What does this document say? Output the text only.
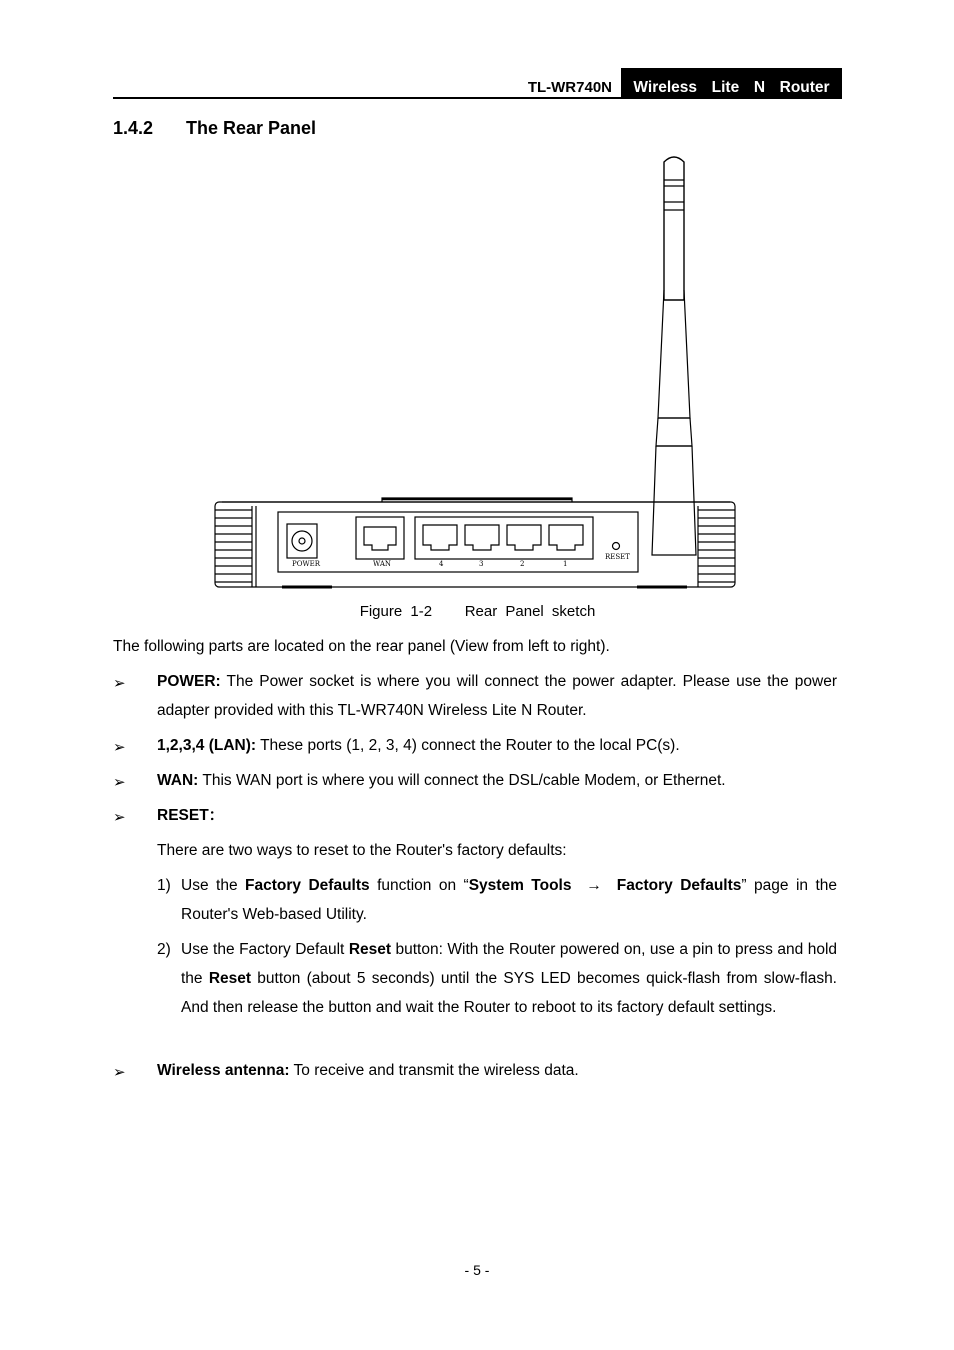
TL-WR740N	Wireless  Lite  N  Router
1.4.2 The Rear Panel
POWER	WAN	4	3	2	1
RESET
Figure 1-2    Rear Panel sketch
The following parts are located on the rear panel (View from left to right).
➢ POWER: The Power socket is where you will connect the power adapter. Please use the power adapter provided with this TL-WR740N Wireless Lite N Router.
➢ 1,2,3,4 (LAN): These ports (1, 2, 3, 4) connect the Router to the local PC(s).
➢ WAN: This WAN port is where you will connect the DSL/cable Modem, or Ethernet.
➢ RESET：
There are two ways to reset to the Router's factory defaults:
1) Use the Factory Defaults function on “System Tools  →  Factory Defaults” page in the Router's Web-based Utility.
2) Use the Factory Default Reset button: With the Router powered on, use a pin to press and hold the Reset button (about 5 seconds) until the SYS LED becomes quick-flash from slow-flash. And then release the button and wait the Router to reboot to its factory default settings.
➢ Wireless antenna: To receive and transmit the wireless data.
- 5 -
